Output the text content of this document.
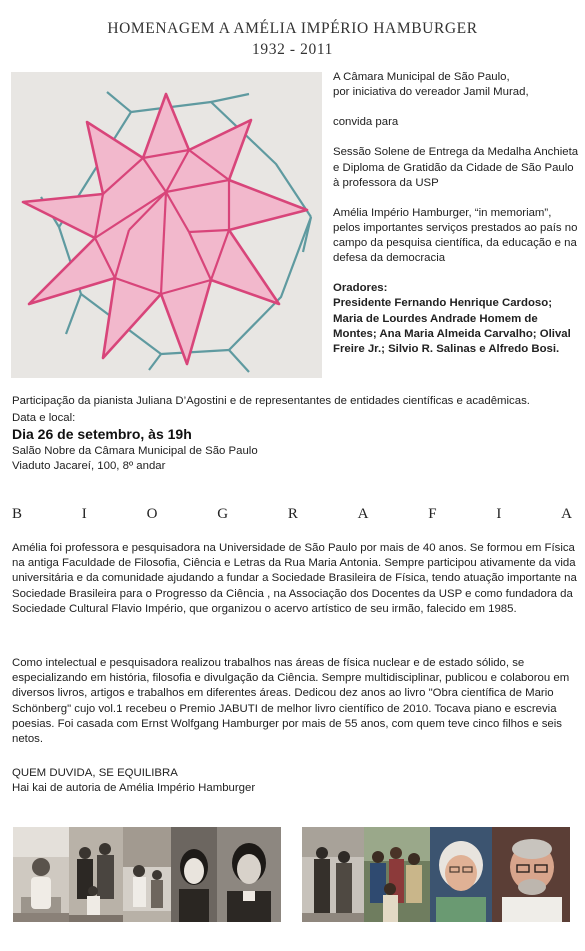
HOMENAGEM A AMÉLIA IMPÉRIO HAMBURGER
1932 - 2011

A Câmara Municipal de São Paulo,
por iniciativa do vereador Jamil Murad,

convida para

Sessão Solene de Entrega da Medalha Anchieta e Diploma de Gratidão da Cidade de São Paulo à professora da USP

Amélia Império Hamburger, “in memoriam”, pelos importantes serviços prestados ao país no campo da pesquisa científica, da educação e na defesa da democracia

Oradores:
Presidente Fernando Henrique Cardoso; Maria de Lourdes Andrade Homem de Montes; Ana Maria Almeida Carvalho; Olival Freire Jr.; Silvio R. Salinas e Alfredo Bosi.
Participação da pianista Juliana D’Agostini e de representantes de entidades científicas e acadêmicas.
Data e local:
Dia 26 de setembro, às 19h
Salão Nobre da Câmara Municipal de São Paulo
Viaduto Jacareí, 100, 8º andar
B	I	O	G	R	A	F	I	A
Amélia foi professora e pesquisadora na Universidade de São Paulo por mais de 40 anos. Se formou em Física na antiga Faculdade de Filosofia, Ciência e Letras da Rua Maria Antonia. Sempre participou ativamente da vida universitária e da comunidade ajudando a fundar a Sociedade Brasileira de Física, tendo atuação importante na Sociedade Brasileira para o Progresso da Ciência , na Associação dos Docentes da USP e como fundadora da Sociedade Cultural Flavio Império, que organizou o acervo artístico de seu irmão, falecido em 1985.
Como intelectual e pesquisadora realizou trabalhos nas áreas de física nuclear e de estado sólido, se especializando em história, filosofia e divulgação da Ciência. Sempre multidisciplinar, publicou e colaborou em diversos livros, artigos e trabalhos em diferentes áreas. Dedicou dez anos ao livro "Obra científica de Mario Schönberg" cujo vol.1 recebeu o Premio JABUTI de melhor livro científico de 2010. Tocava piano e escrevia poesias. Foi casada com Ernst Wolfgang Hamburger por mais de 55 anos, com quem teve cinco filhos e seis netos.
QUEM DUVIDA, SE EQUILIBRA
Hai kai de autoria de Amélia Império Hamburger
